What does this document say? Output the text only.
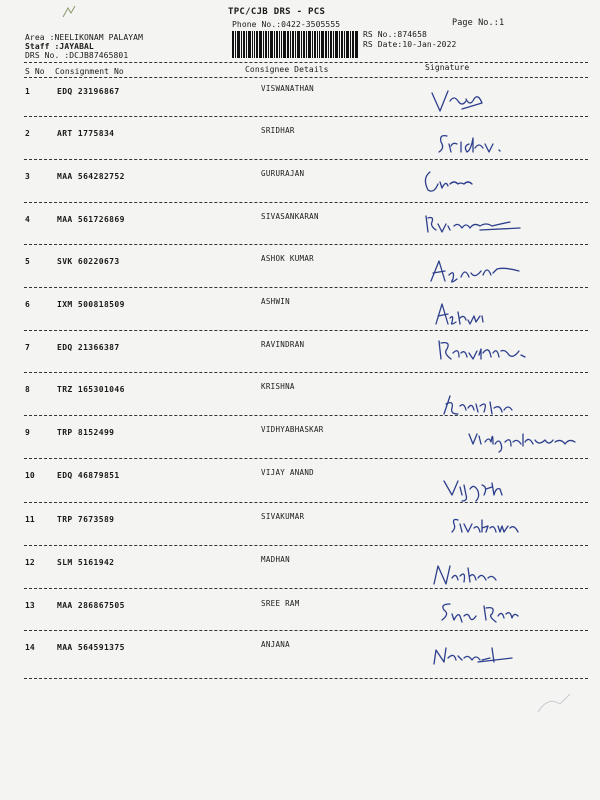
TPC/CJB DRS - PCS
Phone No.:0422-3505555	Page No.:1
Area :NEELIKONAM PALAYAM
Staff :JAYABAL
DRS No. :DCJB87465801
RS No.:874658
RS Date:10-Jan-2022
S No Consignment No	Consignee Details	Signature
1	EDQ 23196867	VISWANATHAN
2	ART 1775834	SRIDHAR
3	MAA 564282752	GURURAJAN
4	MAA 561726869	SIVASANKARAN
5	SVK 60220673	ASHOK KUMAR
6	IXM 500818509	ASHWIN
7	EDQ 21366387	RAVINDRAN
8	TRZ 165301046	KRISHNA
9	TRP 8152499	VIDHYABHASKAR
10	EDQ 46879851	VIJAY ANAND
11	TRP 7673589	SIVAKUMAR
12	SLM 5161942	MADHAN
13	MAA 286867505	SREE RAM
14	MAA 564591375	ANJANA
